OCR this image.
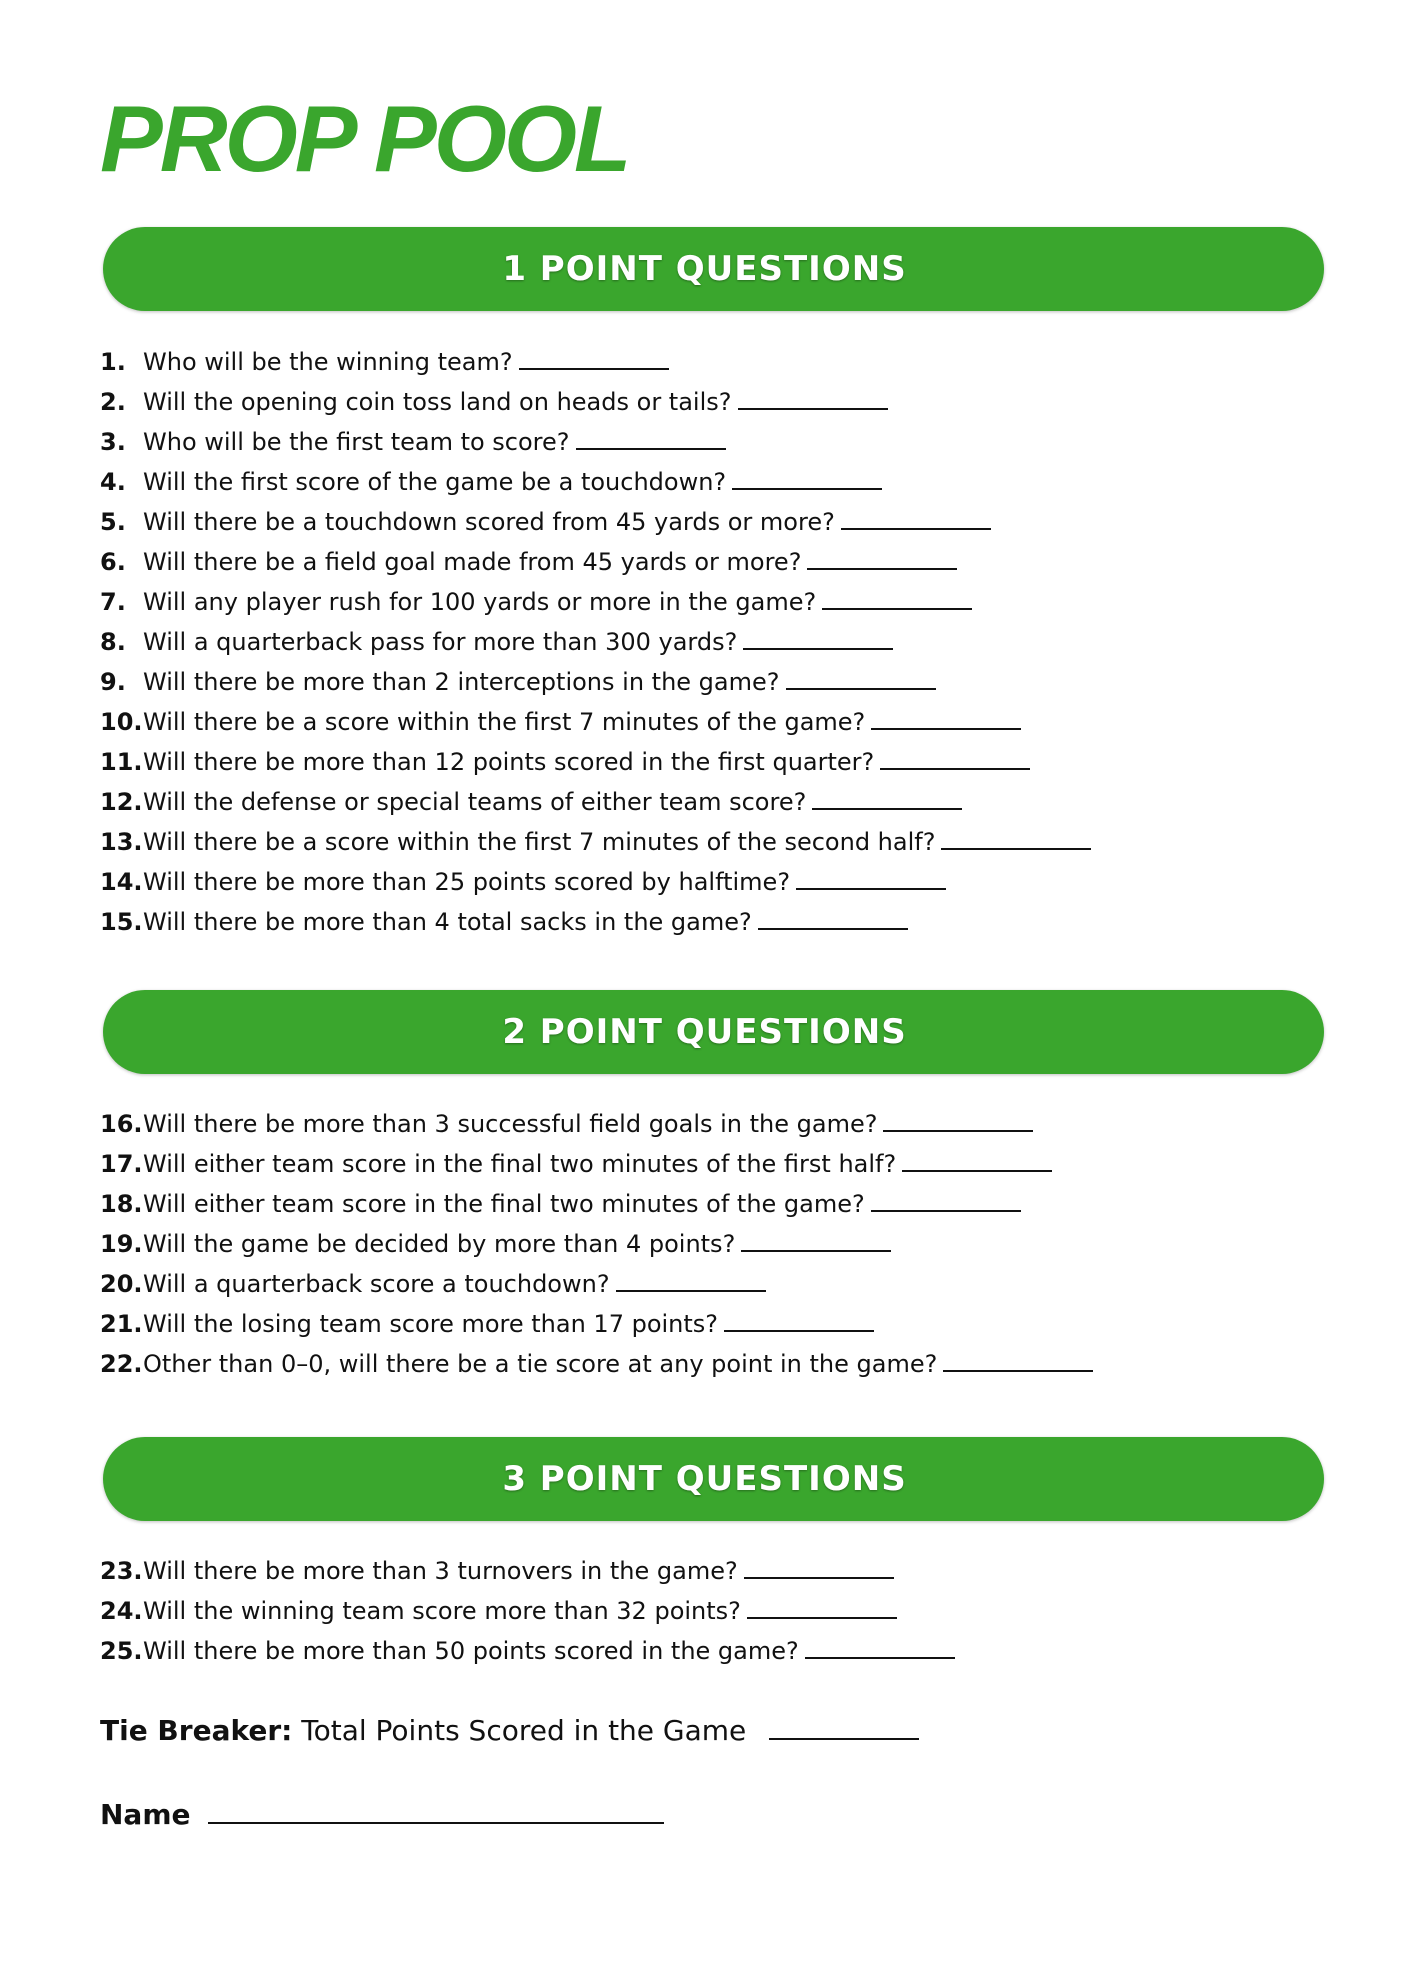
PROP POOL
1 POINT QUESTIONS
1. Who will be the winning team?
2. Will the opening coin toss land on heads or tails?
3. Who will be the first team to score?
4. Will the first score of the game be a touchdown?
5. Will there be a touchdown scored from 45 yards or more?
6. Will there be a field goal made from 45 yards or more?
7. Will any player rush for 100 yards or more in the game?
8. Will a quarterback pass for more than 300 yards?
9. Will there be more than 2 interceptions in the game?
10.Will there be a score within the first 7 minutes of the game?
11.Will there be more than 12 points scored in the first quarter?
12.Will the defense or special teams of either team score?
13.Will there be a score within the first 7 minutes of the second half?
14.Will there be more than 25 points scored by halftime?
15.Will there be more than 4 total sacks in the game?
2 POINT QUESTIONS
16.Will there be more than 3 successful field goals in the game?
17.Will either team score in the final two minutes of the first half?
18.Will either team score in the final two minutes of the game?
19.Will the game be decided by more than 4 points?
20.Will a quarterback score a touchdown?
21.Will the losing team score more than 17 points?
22.Other than 0–0, will there be a tie score at any point in the game?
3 POINT QUESTIONS
23.Will there be more than 3 turnovers in the game?
24.Will the winning team score more than 32 points?
25.Will there be more than 50 points scored in the game?
Tie Breaker: Total Points Scored in the Game
Name
